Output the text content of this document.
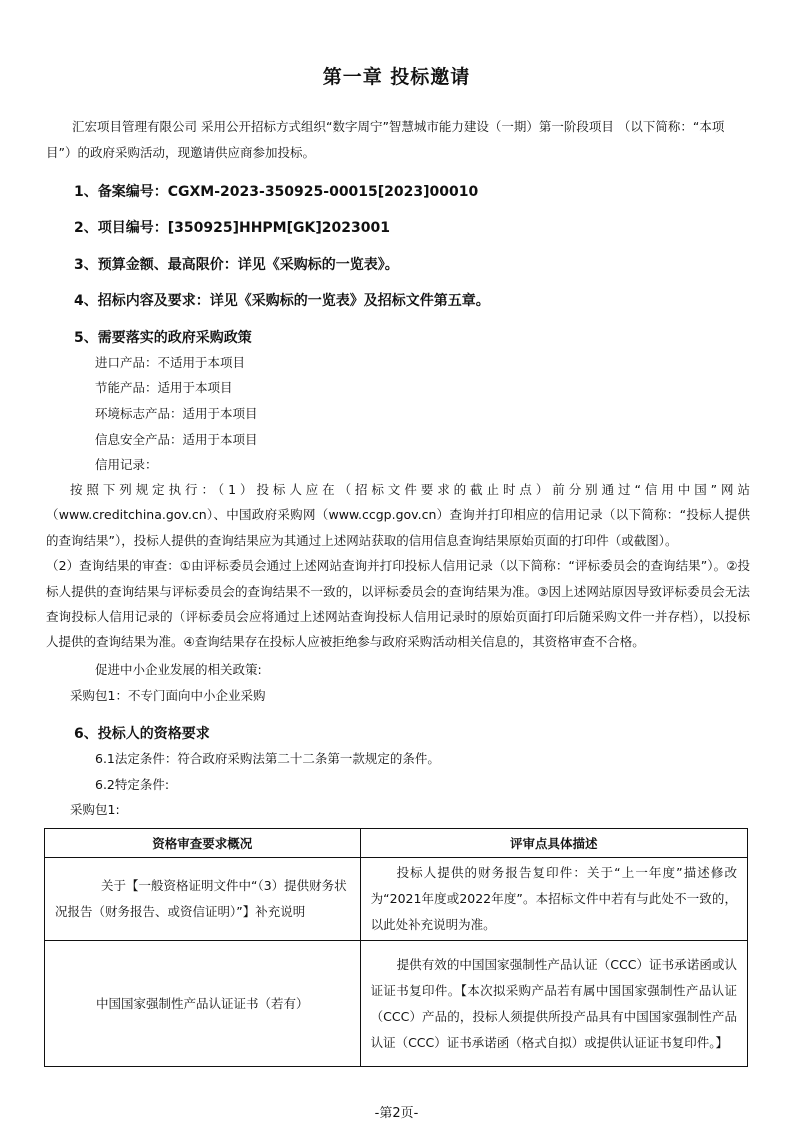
第一章 投标邀请
汇宏项目管理有限公司 采用公开招标方式组织“数字周宁”智慧城市能力建设（一期）第一阶段项目 （以下简称：“本项目”）的政府采购活动，现邀请供应商参加投标。
1、备案编号：CGXM-2023-350925-00015[2023]00010
2、项目编号：[350925]HHPM[GK]2023001
3、预算金额、最高限价：详见《采购标的一览表》。
4、招标内容及要求：详见《采购标的一览表》及招标文件第五章。
5、需要落实的政府采购政策
进口产品：不适用于本项目
节能产品：适用于本项目
环境标志产品：适用于本项目
信息安全产品：适用于本项目
信用记录：

按照下列规定执行：（1）投标人应在（招标文件要求的截止时点）前分别通过“信用中国”网站（www.creditchina.gov.cn）、中国政府采购网（www.ccgp.gov.cn）查询并打印相应的信用记录（以下简称：“投标人提供的查询结果”），投标人提供的查询结果应为其通过上述网站获取的信用信息查询结果原始页面的打印件（或截图）。

（2）查询结果的审查：①由评标委员会通过上述网站查询并打印投标人信用记录（以下简称：“评标委员会的查询结果”）。②投标人提供的查询结果与评标委员会的查询结果不一致的，以评标委员会的查询结果为准。③因上述网站原因导致评标委员会无法查询投标人信用记录的（评标委员会应将通过上述网站查询投标人信用记录时的原始页面打印后随采购文件一并存档），以投标人提供的查询结果为准。④查询结果存在投标人应被拒绝参与政府采购活动相关信息的，其资格审查不合格。

促进中小企业发展的相关政策:
采购包1：不专门面向中小企业采购
6、投标人的资格要求
6.1法定条件：符合政府采购法第二十二条第一款规定的条件。
6.2特定条件:
采购包1:
资格审查要求概况	评审点具体描述
关于【一般资格证明文件中“（3）提供财务状况报告（财务报告、或资信证明）”】补充说明	投标人提供的财务报告复印件：关于“上一年度”描述修改为“2021年度或2022年度”。本招标文件中若有与此处不一致的，以此处补充说明为准。
中国国家强制性产品认证证书（若有）	提供有效的中国国家强制性产品认证（CCC）证书承诺函或认证证书复印件。【本次拟采购产品若有属中国国家强制性产品认证（CCC）产品的，投标人须提供所投产品具有中国国家强制性产品认证（CCC）证书承诺函（格式自拟）或提供认证证书复印件。】
-第2页-
